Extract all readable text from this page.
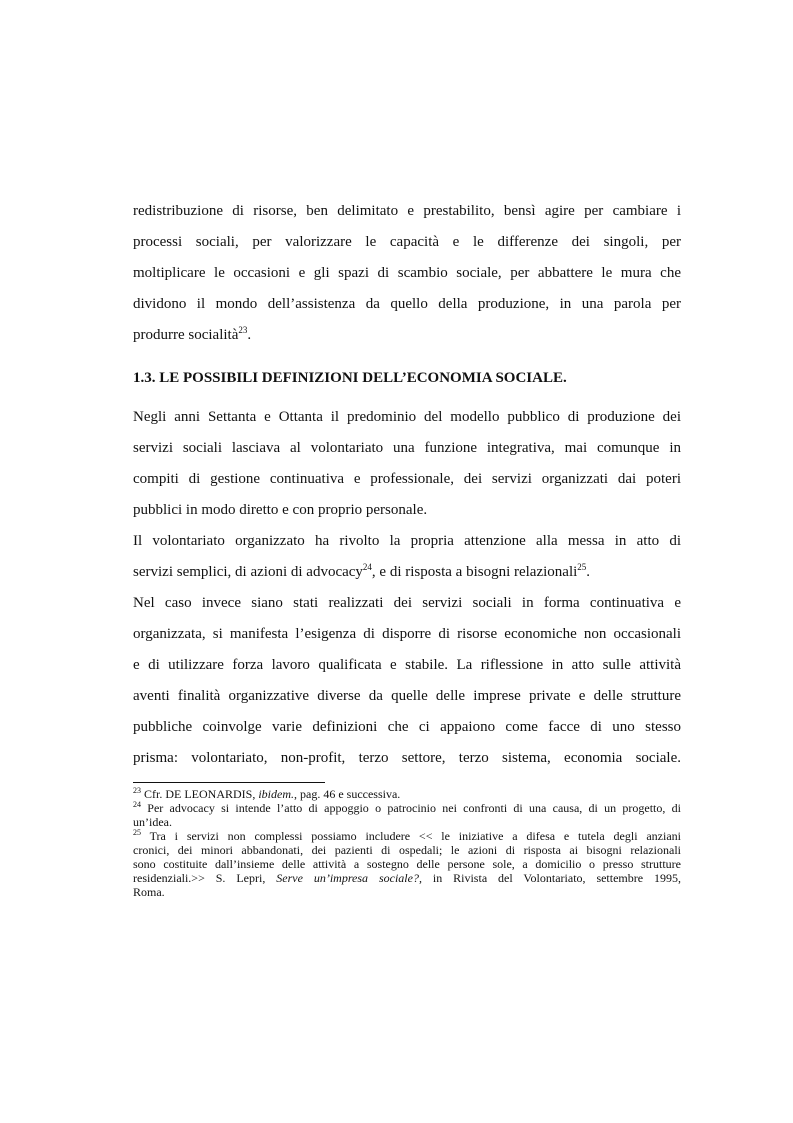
redistribuzione di risorse, ben delimitato e prestabilito, bensì agire per cambiare i
processi sociali, per valorizzare le capacità e le differenze dei singoli, per
moltiplicare le occasioni e gli spazi di scambio sociale, per abbattere le mura che
dividono il mondo dell’assistenza da quello della produzione, in una parola per
produrre socialità$^{23}$.

1.3. LE POSSIBILI DEFINIZIONI DELL’ECONOMIA SOCIALE.

Negli anni Settanta e Ottanta il predominio del modello pubblico di produzione dei
servizi sociali lasciava al volontariato una funzione integrativa, mai comunque in
compiti di gestione continuativa e professionale, dei servizi organizzati dai poteri
pubblici in modo diretto e con proprio personale.

Il volontariato organizzato ha rivolto la propria attenzione alla messa in atto di
servizi semplici, di azioni di advocacy$^{24}$, e di risposta a bisogni relazionali$^{25}$.

Nel caso invece siano stati realizzati dei servizi sociali in forma continuativa e
organizzata, si manifesta l’esigenza di disporre di risorse economiche non occasionali
e di utilizzare forza lavoro qualificata e stabile. La riflessione in atto sulle attività
aventi finalità organizzative diverse da quelle delle imprese private e delle strutture
pubbliche coinvolge varie definizioni che ci appaiono come facce di uno stesso
prisma: volontariato, non-profit, terzo settore, terzo sistema, economia sociale.

$^{23}$ Cfr. DE LEONARDIS, ibidem., pag. 46 e successiva.

$^{24}$ Per advocacy si intende l’atto di appoggio o patrocinio nei confronti di una causa, di un progetto, di
un’idea.

$^{25}$ Tra i servizi non complessi possiamo includere << le iniziative a difesa e tutela degli anziani
cronici, dei minori abbandonati, dei pazienti di ospedali; le azioni di risposta ai bisogni relazionali
sono costituite dall’insieme delle attività a sostegno delle persone sole, a domicilio o presso strutture
residenziali.>> S. Lepri, Serve un’impresa sociale?, in Rivista del Volontariato, settembre 1995,
Roma.
